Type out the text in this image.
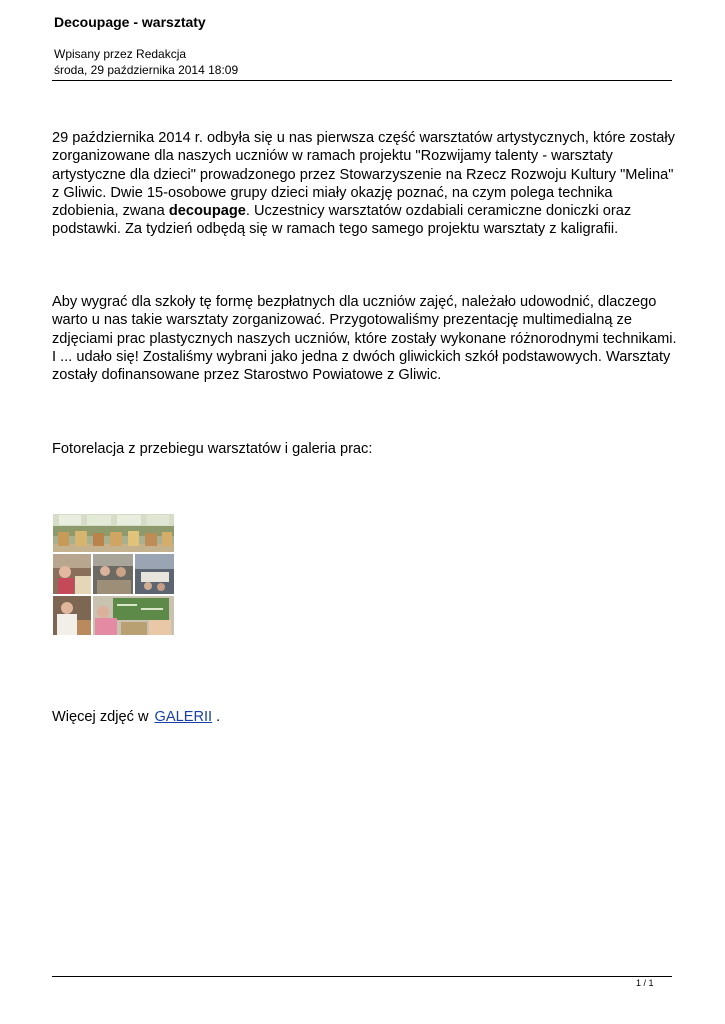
Decoupage - warsztaty
Wpisany przez Redakcja
środa, 29 października 2014 18:09
29 października 2014 r. odbyła się u nas pierwsza część warsztatów artystycznych, które zostały zorganizowane dla naszych uczniów w ramach projektu "Rozwijamy talenty - warsztaty artystyczne dla dzieci" prowadzonego przez Stowarzyszenie na Rzecz Rozwoju Kultury "Melina" z Gliwic. Dwie 15-osobowe grupy dzieci miały okazję poznać, na czym polega technika zdobienia, zwana decoupage. Uczestnicy warsztatów ozdabiali ceramiczne doniczki oraz podstawki. Za tydzień odbędą się w ramach tego samego projektu warsztaty z kaligrafii.
Aby wygrać dla szkoły tę formę bezpłatnych dla uczniów zajęć, należało udowodnić, dlaczego warto u nas takie warsztaty zorganizować. Przygotowaliśmy prezentację multimedialną ze zdjęciami prac plastycznych naszych uczniów, które zostały wykonane różnorodnymi technikami. I ... udało się! Zostaliśmy wybrani jako jedna z dwóch gliwickich szkół podstawowych. Warsztaty zostały dofinansowane przez Starostwo Powiatowe z Gliwic.
Fotorelacja z przebiegu warsztatów i galeria prac:
Więcej zdjęć w GALERII .
1 / 1
